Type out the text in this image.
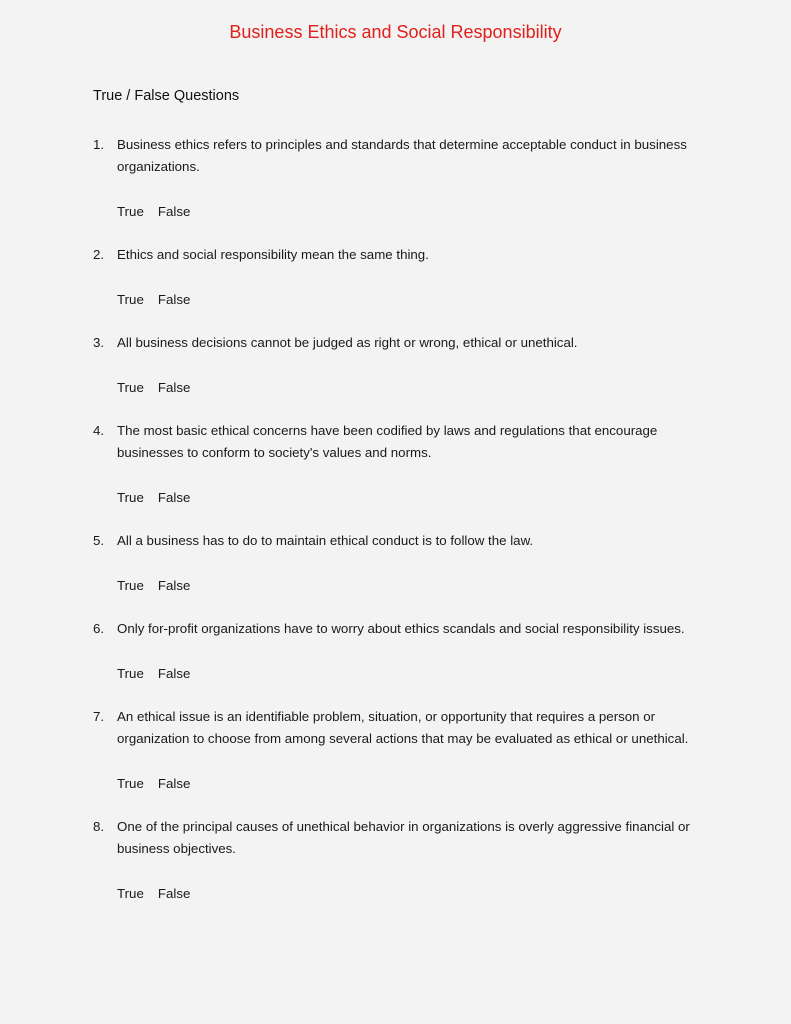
Business Ethics and Social Responsibility
True / False Questions
1. Business ethics refers to principles and standards that determine acceptable conduct in business organizations.
True False
2. Ethics and social responsibility mean the same thing.
True False
3. All business decisions cannot be judged as right or wrong, ethical or unethical.
True False
4. The most basic ethical concerns have been codified by laws and regulations that encourage businesses to conform to society's values and norms.
True False
5. All a business has to do to maintain ethical conduct is to follow the law.
True False
6. Only for-profit organizations have to worry about ethics scandals and social responsibility issues.
True False
7. An ethical issue is an identifiable problem, situation, or opportunity that requires a person or organization to choose from among several actions that may be evaluated as ethical or unethical.
True False
8. One of the principal causes of unethical behavior in organizations is overly aggressive financial or business objectives.
True False
